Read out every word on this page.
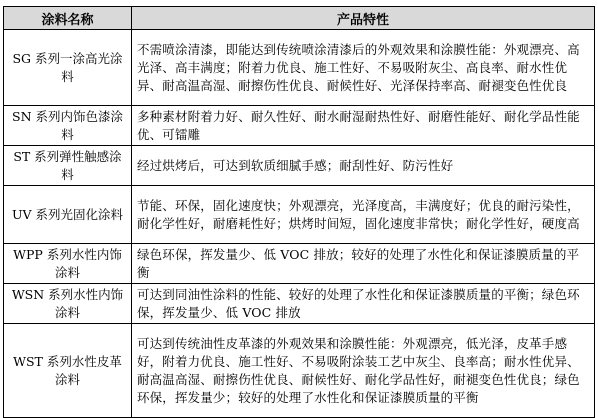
涂料名称	产品特性
SG 系列一涂高光涂料	不需喷涂清漆，即能达到传统喷涂清漆后的外观效果和涂膜性能：外观漂亮、高光泽、高丰满度；附着力优良、施工性好、不易吸附灰尘、高良率、耐水性优异、耐高温高湿、耐擦伤性优良、耐候性好、光泽保持率高、耐褪变色性优良
SN 系列内饰色漆涂料	多种素材附着力好、耐久性好、耐水耐湿耐热性好、耐磨性能好、耐化学品性能优、可镭雕
ST 系列弹性触感涂料	经过烘烤后，可达到软质细腻手感；耐刮性好、防污性好
UV 系列光固化涂料	节能、环保，固化速度快；外观漂亮，光泽度高，丰满度好；优良的耐污染性，耐化学性好，耐磨耗性好；烘烤时间短，固化速度非常快；耐化学性好，硬度高
WPP 系列水性内饰涂料	绿色环保，挥发量少、低 VOC 排放；较好的处理了水性化和保证漆膜质量的平衡
WSN 系列水性内饰涂料	可达到同油性涂料的性能、较好的处理了水性化和保证漆膜质量的平衡；绿色环保，挥发量少、低 VOC 排放
WST 系列水性皮革涂料	可达到传统油性皮革漆的外观效果和涂膜性能：外观漂亮，低光泽，皮革手感好，附着力优良、施工性好、不易吸附涂装工艺中灰尘、良率高；耐水性优异、耐高温高湿、耐擦伤性优良、耐候性好、耐化学品性好，耐褪变色性优良；绿色环保，挥发量少；较好的处理了水性化和保证漆膜质量的平衡
